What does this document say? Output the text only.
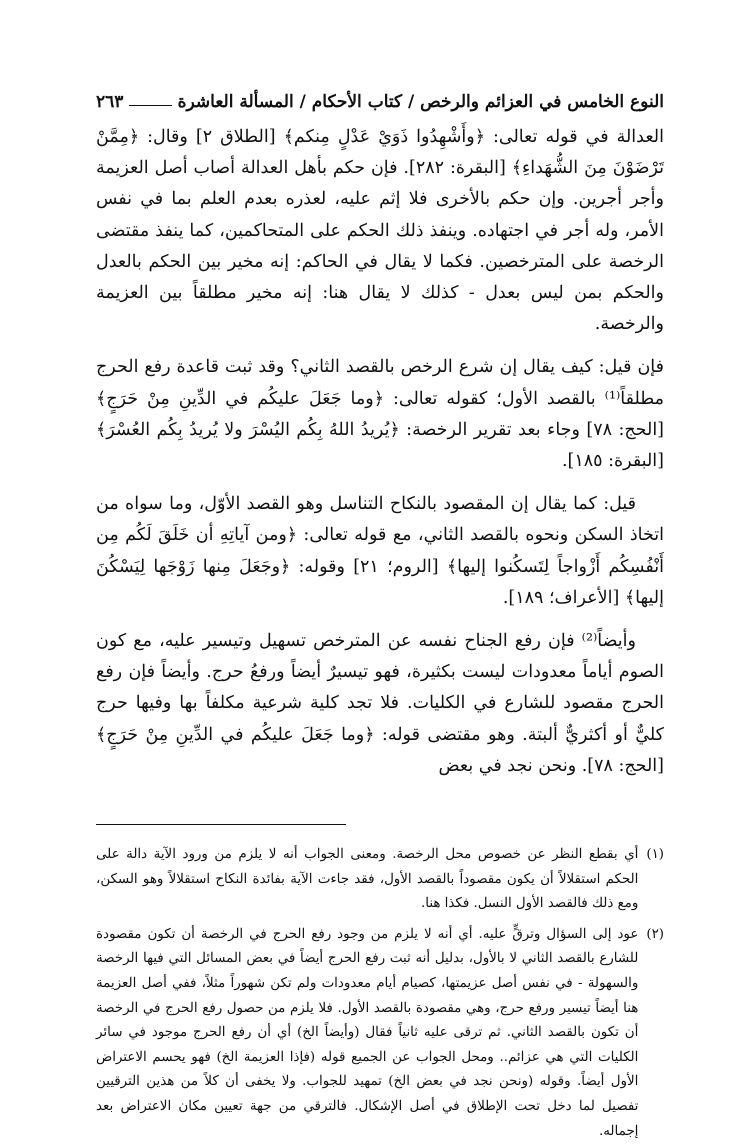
النوع الخامس في العزائم والرخص / كتاب الأحكام / المسألة العاشرة
٢٦٣

العدالة في قوله تعالى: ﴿وأَشْهِدُوا ذَوَيْ عَدْلٍ مِنكم﴾ [الطلاق ٢] وقال: ﴿مِمَّنْ تَرْضَوْنَ مِنَ الشُّهَداءِ﴾ [البقرة: ٢٨٢]. فإن حكم بأهل العدالة أصاب أصل العزيمة وأجر أجرين. وإن حكم بالأخرى فلا إثم عليه، لعذره بعدم العلم بما في نفس الأمر، وله أجر في اجتهاده. وينفذ ذلك الحكم على المتحاكمين، كما ينفذ مقتضى الرخصة على المترخصين. فكما لا يقال في الحاكم: إنه مخير بين الحكم بالعدل والحكم بمن ليس بعدل - كذلك لا يقال هنا: إنه مخير مطلقاً بين العزيمة والرخصة.

فإن قيل: كيف يقال إن شرع الرخص بالقصد الثاني؟ وقد ثبت قاعدة رفع الحرج مطلقاً⁽¹⁾ بالقصد الأول؛ كقوله تعالى: ﴿وما جَعَلَ عليكُم في الدِّينِ مِنْ حَرَجٍ﴾ [الحج: ٧٨] وجاء بعد تقرير الرخصة: ﴿يُريدُ اللهُ بِكُم اليُسْرَ ولا يُريدُ بِكُم العُسْرَ﴾ [البقرة: ١٨٥].

قيل: كما يقال إن المقصود بالنكاح التناسل وهو القصد الأوّل، وما سواه من اتخاذ السكن ونحوه بالقصد الثاني، مع قوله تعالى: ﴿ومن آياتِهِ أن خَلَقَ لَكُم مِن أَنْفُسِكُم أَزْواجاً لِتَسكُنوا إليها﴾ [الروم؛ ٢١] وقوله: ﴿وجَعَلَ مِنها زَوْجَها لِيَسْكُنَ إليها﴾ [الأعراف؛ ١٨٩].

وأيضاً⁽²⁾ فإن رفع الجناح نفسه عن المترخص تسهيل وتيسير عليه، مع كون الصوم أياماً معدودات ليست بكثيرة، فهو تيسيرٌ أيضاً ورفعُ حرج. وأيضاً فإن رفع الحرج مقصود للشارع في الكليات. فلا تجد كلية شرعية مكلفاً بها وفيها حرج كليٌّ أو أكثريٌّ ألبتة. وهو مقتضى قوله: ﴿وما جَعَلَ عليكُم في الدِّينِ مِنْ حَرَجٍ﴾ [الحج: ٧٨]. ونحن نجد في بعض

(١)
أي بقطع النظر عن خصوص محل الرخصة. ومعنى الجواب أنه لا يلزم من ورود الآية دالة على الحكم استقلالاً أن يكون مقصوداً بالقصد الأول، فقد جاءت الآية بفائدة النكاح استقلالاً وهو السكن، ومع ذلك فالقصد الأول النسل. فكذا هنا.
(٢)
عود إلى السؤال وترقٍّ عليه. أي أنه لا يلزم من وجود رفع الحرج في الرخصة أن تكون مقصودة للشارع بالقصد الثاني لا بالأول، بدليل أنه ثبت رفع الحرج أيضاً في بعض المسائل التي فيها الرخصة والسهولة - في نفس أصل عزيمتها، كصيام أيام معدودات ولم تكن شهوراً مثلاً، ففي أصل العزيمة هنا أيضاً تيسير ورفع حرج، وهي مقصودة بالقصد الأول. فلا يلزم من حصول رفع الحرج في الرخصة أن تكون بالقصد الثاني. ثم ترقى عليه ثانياً فقال (وأيضاً الخ) أي أن رفع الحرج موجود في سائر الكليات التي هي عزائم.. ومحل الجواب عن الجميع قوله (فإذا العزيمة الخ) فهو يحسم الاعتراض الأول أيضاً. وقوله (ونحن نجد في بعض الخ) تمهيد للجواب. ولا يخفى أن كلاً من هذين الترقيين تفصيل لما دخل تحت الإطلاق في أصل الإشكال. فالترقي من جهة تعيين مكان الاعتراض بعد إجماله.
